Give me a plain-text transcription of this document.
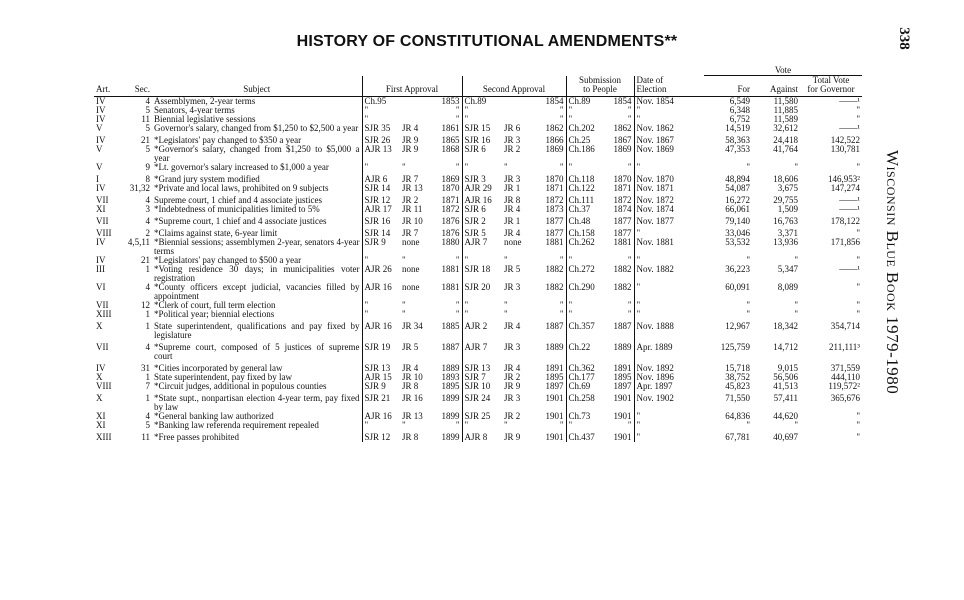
HISTORY OF CONSTITUTIONAL AMENDMENTS**	338
Wisconsin Blue Book 1979-1980
												Vote		
Art.	Sec.	Subject	First Approval			Second Approval			Submission
to People		Date of
Election	For	Against	Total Vote
for Governor
IV	4	Assemblymen, 2-year terms	Ch.95		1853	Ch.89		1854	Ch.89	1854	Nov. 1854	6,549	11,580	——¹
IV	5	Senators, 4-year terms	"		"	"		"	"	"	"	6,348	11,885	"
IV	11	Biennial legislative sessions	"		"	"		"	"	"	"	6,752	11,589	"
V	5	Governor's salary, changed from $1,250 to $2,500 a year	SJR 35	JR 4	1861	SJR 15	JR 6	1862	Ch.202	1862	Nov. 1862	14,519	32,612	——¹
IV	21	*Legislators' pay changed to $350 a year	SJR 26	JR 9	1865	SJR 16	JR 3	1866	Ch.25	1867	Nov. 1867	58,363	24,418	142,522
V	5	*Governor's salary, changed from $1,250 to $5,000 a year	AJR 13	JR 9	1868	SJR 6	JR 2	1869	Ch.186	1869	Nov. 1869	47,353	41,764	130,781
V	9	*Lt. governor's salary increased to $1,000 a year	"	"	"	"	"	"	"	"	"	"	"	"
I	8	*Grand jury system modified	AJR 6	JR 7	1869	SJR 3	JR 3	1870	Ch.118	1870	Nov. 1870	48,894	18,606	146,953²
IV	31,32	*Private and local laws, prohibited on 9 subjects	SJR 14	JR 13	1870	AJR 29	JR 1	1871	Ch.122	1871	Nov. 1871	54,087	3,675	147,274
VII	4	Supreme court, 1 chief and 4 associate justices	SJR 12	JR 2	1871	AJR 16	JR 8	1872	Ch.111	1872	Nov. 1872	16,272	29,755	——¹
XI	3	*Indebtedness of municipalities limited to 5%	AJR 17	JR 11	1872	SJR 6	JR 4	1873	Ch.37	1874	Nov. 1874	66,061	1,509	——¹
VII	4	*Supreme court, 1 chief and 4 associate justices	SJR 16	JR 10	1876	SJR 2	JR 1	1877	Ch.48	1877	Nov. 1877	79,140	16,763	178,122
VIII	2	*Claims against state, 6-year limit	SJR 14	JR 7	1876	SJR 5	JR 4	1877	Ch.158	1877	"	33,046	3,371	"
IV	4,5,11	*Biennial sessions; assemblymen 2-year, senators 4-year terms	SJR 9	none	1880	AJR 7	none	1881	Ch.262	1881	Nov. 1881	53,532	13,936	171,856
IV	21	*Legislators' pay changed to $500 a year	"	"	"	"	"	"	"	"	"	"	"	"
III	1	*Voting residence 30 days; in municipalities voter registration	AJR 26	none	1881	SJR 18	JR 5	1882	Ch.272	1882	Nov. 1882	36,223	5,347	——¹
VI	4	*County officers except judicial, vacancies filled by appointment	AJR 16	none	1881	SJR 20	JR 3	1882	Ch.290	1882	"	60,091	8,089	"
VII	12	*Clerk of court, full term election	"	"	"	"	"	"	"	"	"	"	"	"
XIII	1	*Political year; biennial elections	"	"	"	"	"	"	"	"	"	"	"	"
X	1	State superintendent, qualifications and pay fixed by legislature	AJR 16	JR 34	1885	AJR 2	JR 4	1887	Ch.357	1887	Nov. 1888	12,967	18,342	354,714
VII	4	*Supreme court, composed of 5 justices of supreme court	SJR 19	JR 5	1887	AJR 7	JR 3	1889	Ch.22	1889	Apr. 1889	125,759	14,712	211,111³
IV	31	*Cities incorporated by general law	SJR 13	JR 4	1889	SJR 13	JR 4	1891	Ch.362	1891	Nov. 1892	15,718	9,015	371,559
X	1	State superintendent, pay fixed by law	AJR 15	JR 10	1893	SJR 7	JR 2	1895	Ch.177	1895	Nov. 1896	38,752	56,506	444,110
VIII	7	*Circuit judges, additional in populous counties	SJR 9	JR 8	1895	SJR 10	JR 9	1897	Ch.69	1897	Apr. 1897	45,823	41,513	119,572²
X	1	*State supt., nonpartisan election 4-year term, pay fixed by law	SJR 21	JR 16	1899	SJR 24	JR 3	1901	Ch.258	1901	Nov. 1902	71,550	57,411	365,676
XI	4	*General banking law authorized	AJR 16	JR 13	1899	SJR 25	JR 2	1901	Ch.73	1901	"	64,836	44,620	"
XI	5	*Banking law referenda requirement repealed	"	"	"	"	"	"	"	"	"	"	"	"
XIII	11	*Free passes prohibited	SJR 12	JR 8	1899	AJR 8	JR 9	1901	Ch.437	1901	"	67,781	40,697	"
